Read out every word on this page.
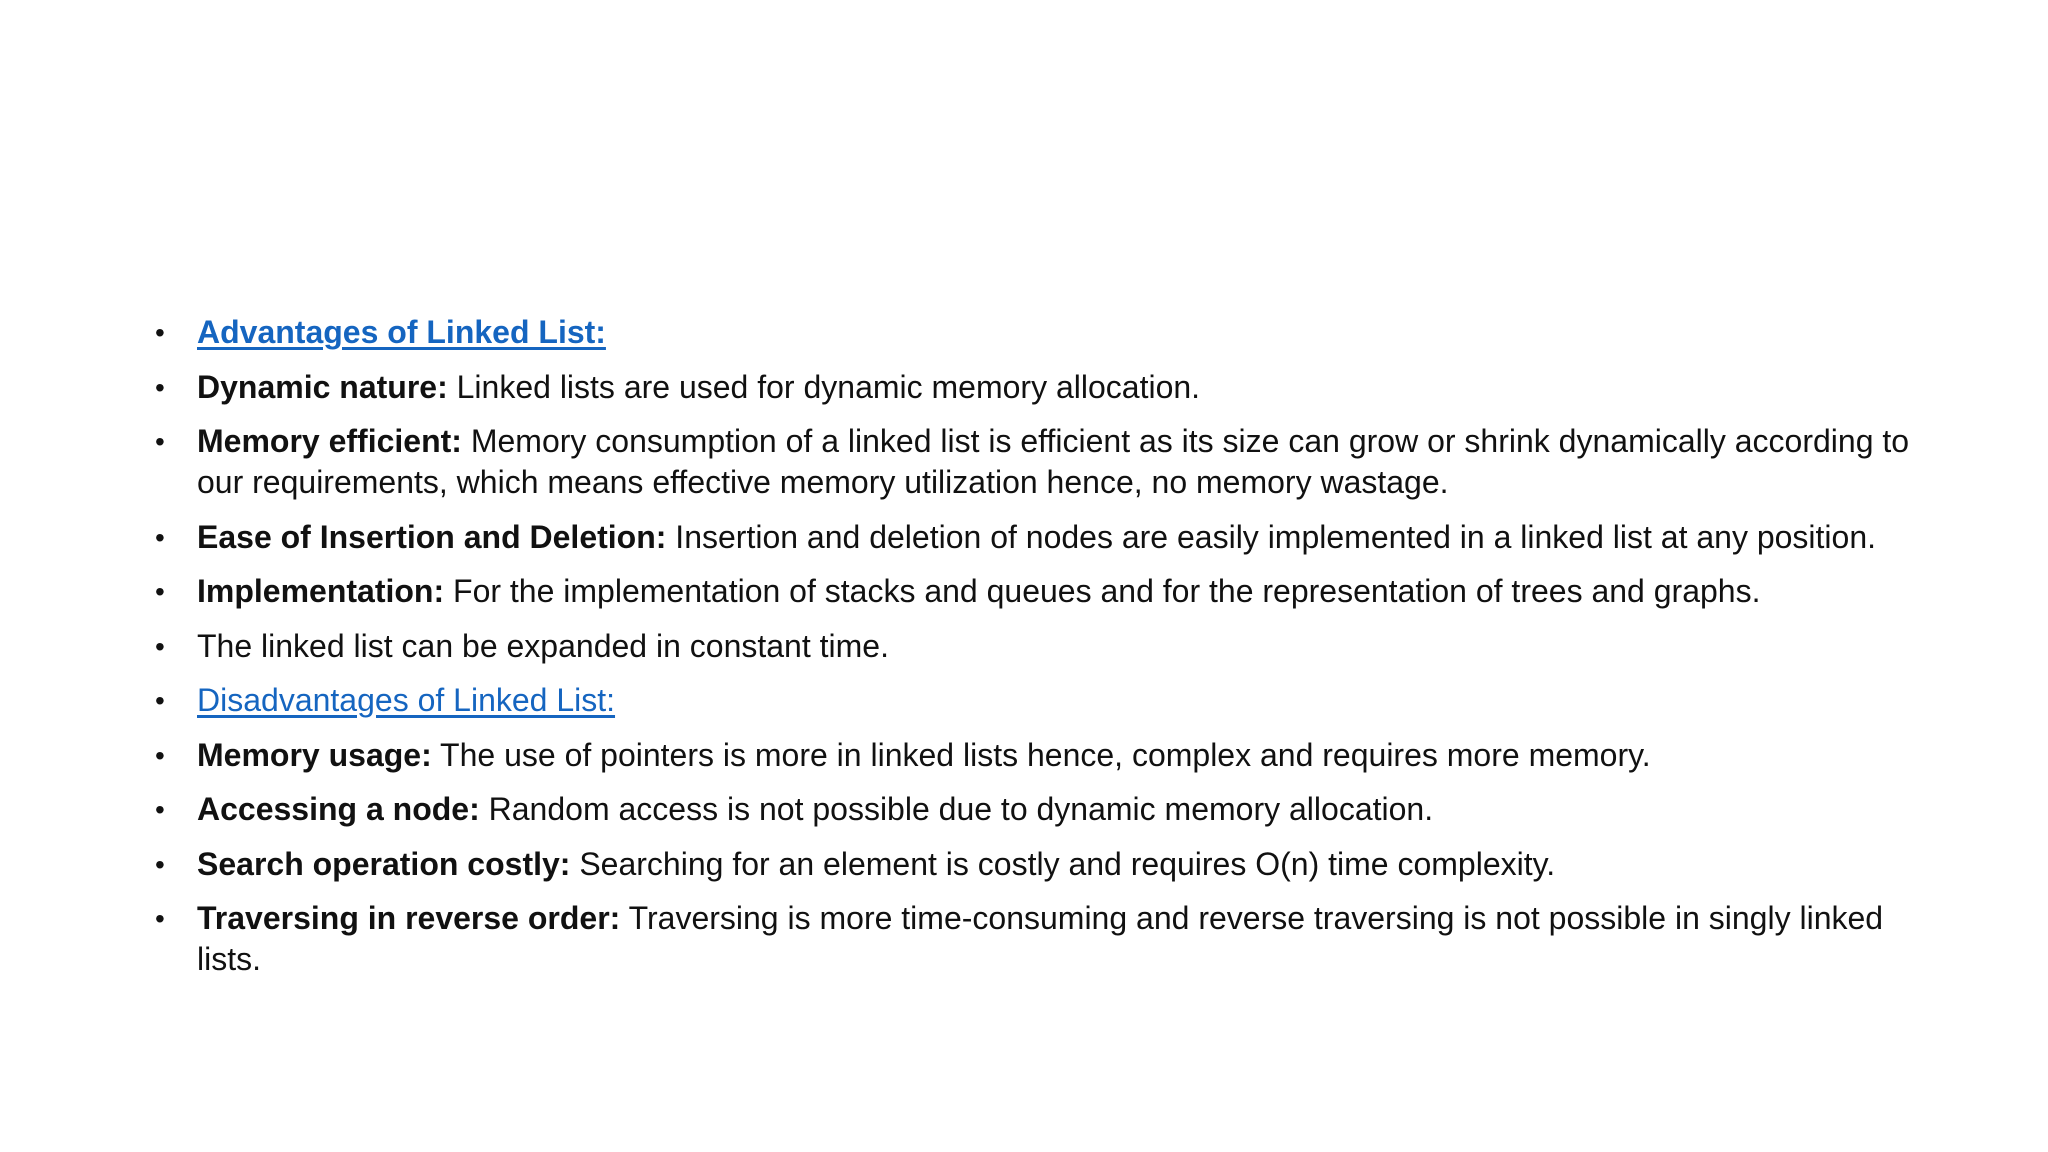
•	Advantages of Linked List:
•	Dynamic nature: Linked lists are used for dynamic memory allocation.
•	Memory efficient: Memory consumption of a linked list is efficient as its size can grow or shrink dynamically according to our requirements, which means effective memory utilization hence, no memory wastage.
•	Ease of Insertion and Deletion: Insertion and deletion of nodes are easily implemented in a linked list at any position.
•	Implementation: For the implementation of stacks and queues and for the representation of trees and graphs.
•	The linked list can be expanded in constant time.
•	Disadvantages of Linked List:
•	Memory usage: The use of pointers is more in linked lists hence, complex and requires more memory.
•	Accessing a node: Random access is not possible due to dynamic memory allocation.
•	Search operation costly: Searching for an element is costly and requires O(n) time complexity.
•	Traversing in reverse order: Traversing is more time-consuming and reverse traversing is not possible in singly linked lists.
